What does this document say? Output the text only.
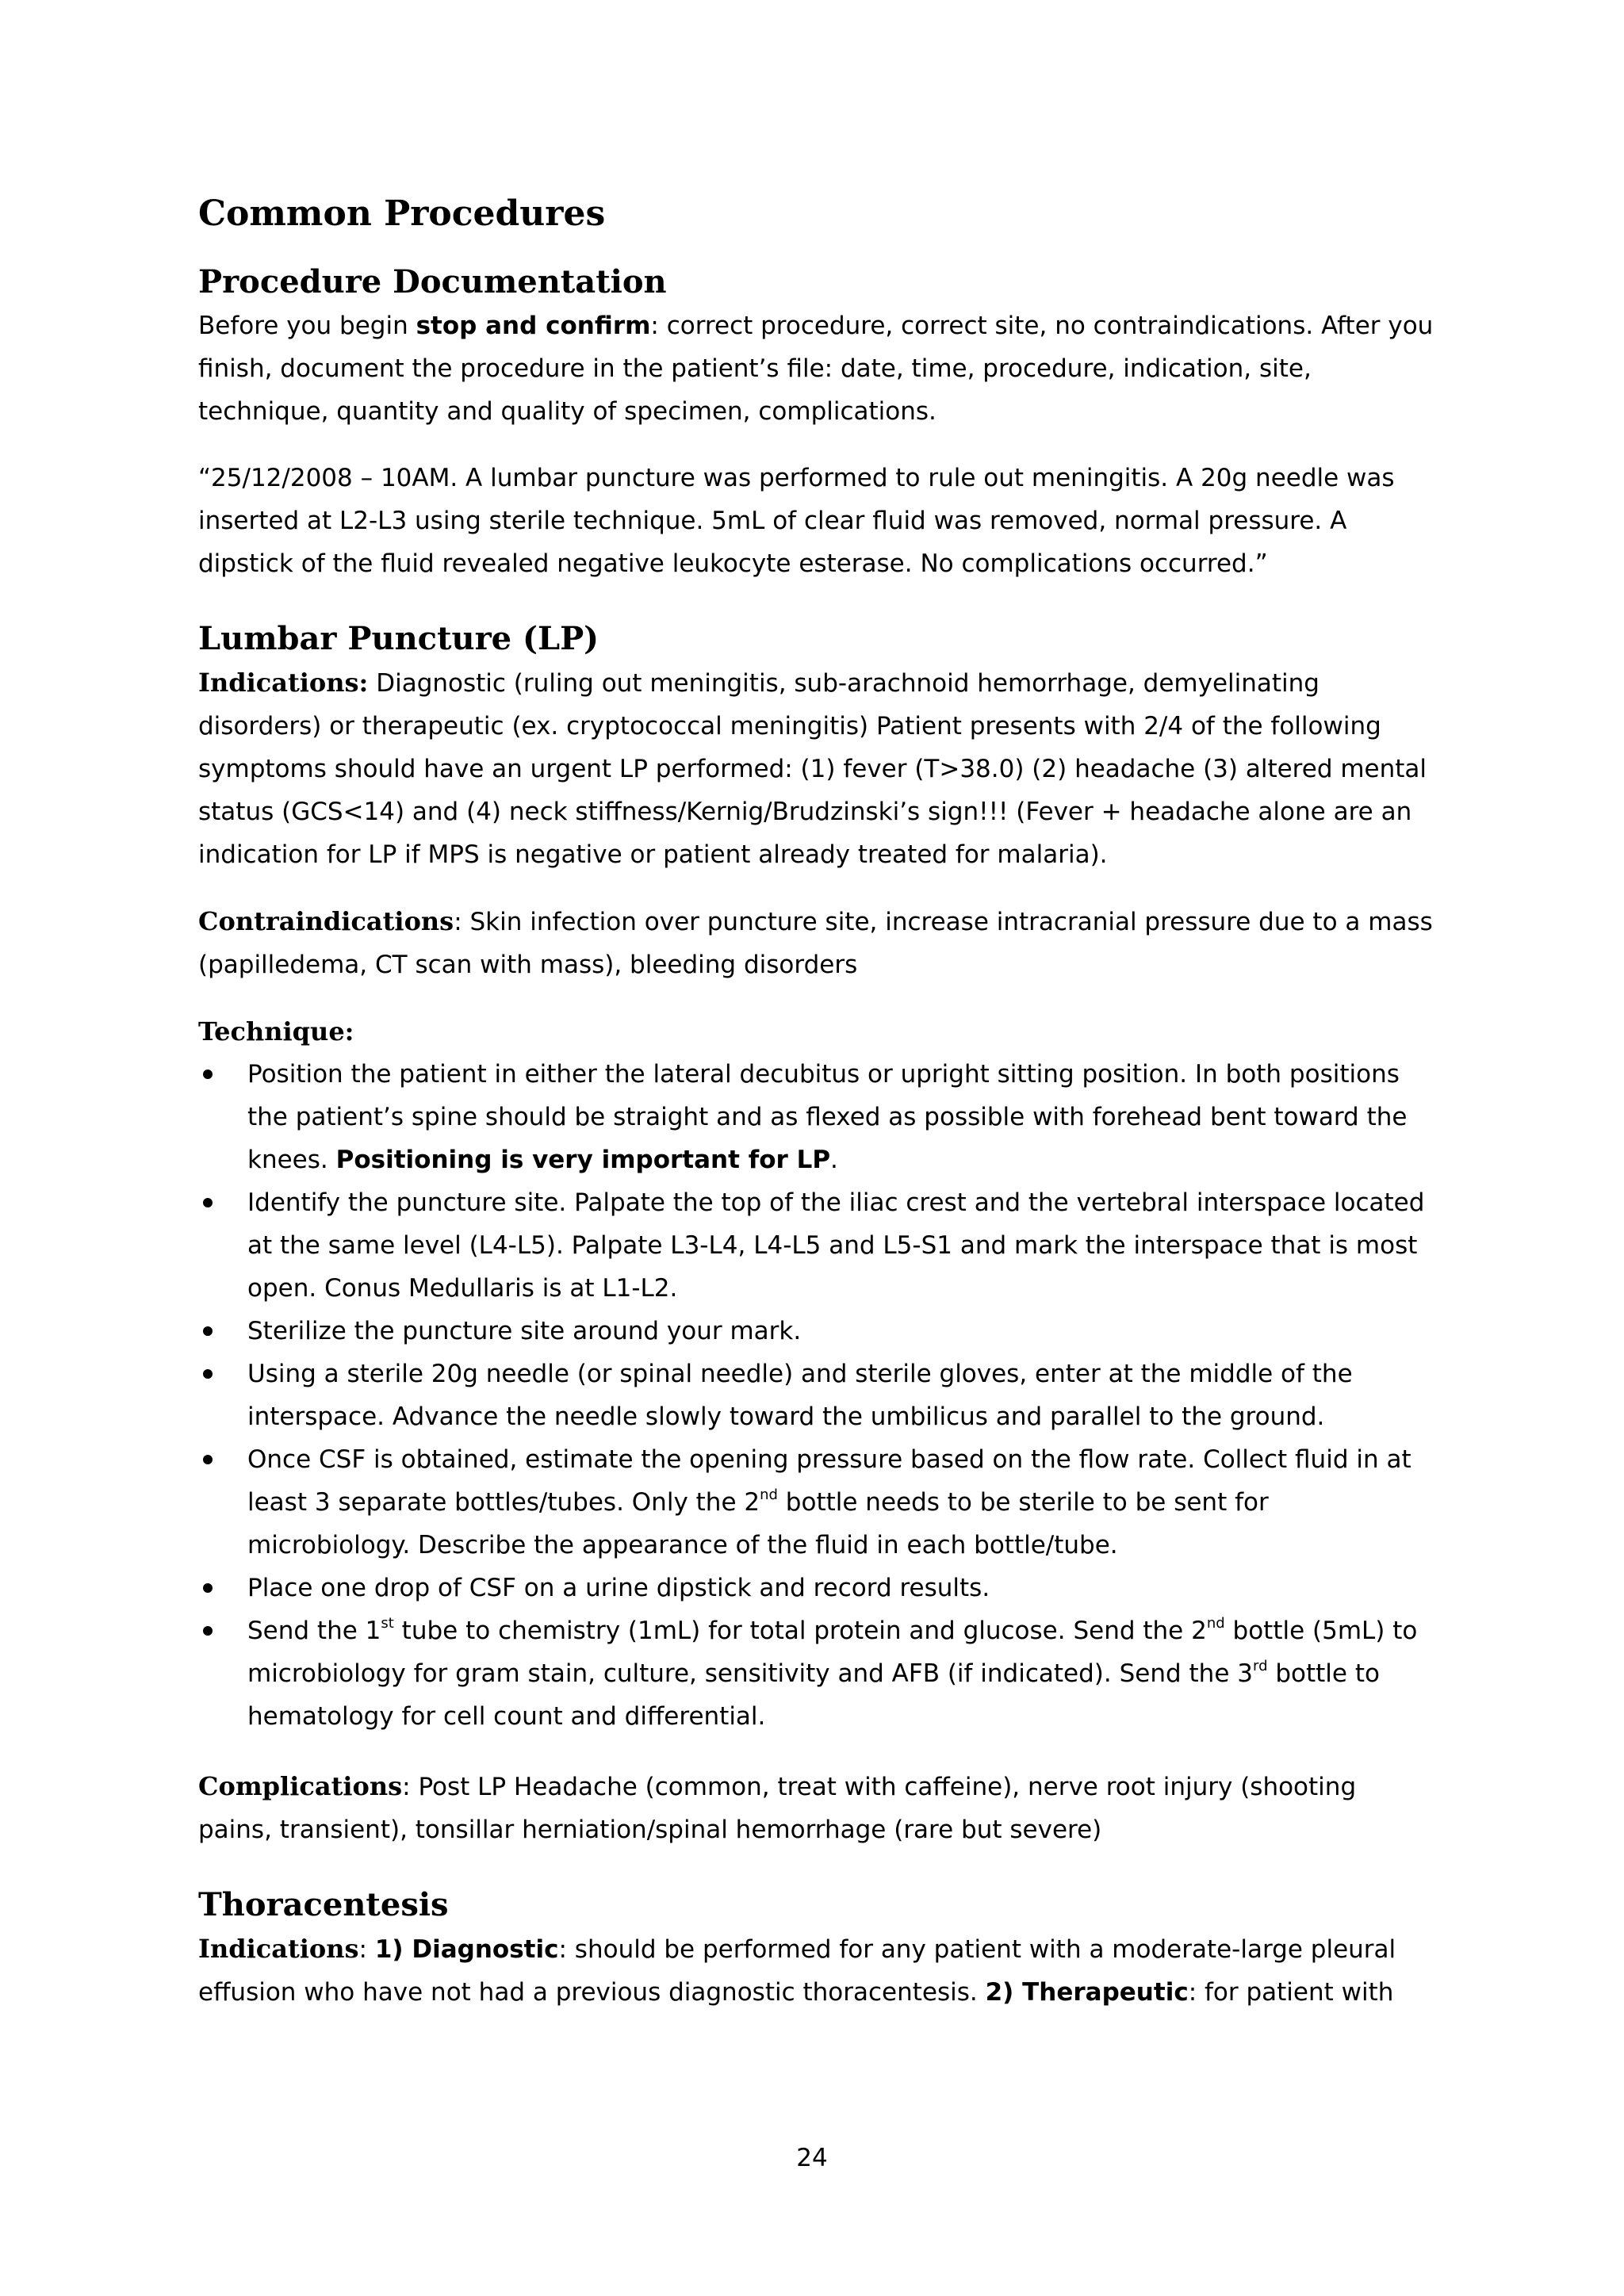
Common Procedures
Procedure Documentation

Before you begin stop and confirm: correct procedure, correct site, no contraindications. After you finish, document the procedure in the patient’s file: date, time, procedure, indication, site, technique, quantity and quality of specimen, complications.

“25/12/2008 – 10AM. A lumbar puncture was performed to rule out meningitis. A 20g needle was inserted at L2-L3 using sterile technique. 5mL of clear fluid was removed, normal pressure. A dipstick of the fluid revealed negative leukocyte esterase. No complications occurred.”

Lumbar Puncture (LP)

Indications: Diagnostic (ruling out meningitis, sub-arachnoid hemorrhage, demyelinating disorders) or therapeutic (ex. cryptococcal meningitis) Patient presents with 2/4 of the following symptoms should have an urgent LP performed: (1) fever (T>38.0) (2) headache (3) altered mental status (GCS<14) and (4) neck stiffness/Kernig/Brudzinski’s sign!!! (Fever + headache alone are an indication for LP if MPS is negative or patient already treated for malaria).

Contraindications: Skin infection over puncture site, increase intracranial pressure due to a mass (papilledema, CT scan with mass), bleeding disorders

Technique:
Position the patient in either the lateral decubitus or upright sitting position. In both positions the patient’s spine should be straight and as flexed as possible with forehead bent toward the knees. Positioning is very important for LP.
Identify the puncture site. Palpate the top of the iliac crest and the vertebral interspace located at the same level (L4-L5). Palpate L3-L4, L4-L5 and L5-S1 and mark the interspace that is most open. Conus Medullaris is at L1-L2.
Sterilize the puncture site around your mark.
Using a sterile 20g needle (or spinal needle) and sterile gloves, enter at the middle of the interspace. Advance the needle slowly toward the umbilicus and parallel to the ground.
Once CSF is obtained, estimate the opening pressure based on the flow rate. Collect fluid in at least 3 separate bottles/tubes. Only the 2nd bottle needs to be sterile to be sent for microbiology. Describe the appearance of the fluid in each bottle/tube.
Place one drop of CSF on a urine dipstick and record results.
Send the 1st tube to chemistry (1mL) for total protein and glucose. Send the 2nd bottle (5mL) to microbiology for gram stain, culture, sensitivity and AFB (if indicated). Send the 3rd bottle to hematology for cell count and differential.

Complications: Post LP Headache (common, treat with caffeine), nerve root injury (shooting pains, transient), tonsillar herniation/spinal hemorrhage (rare but severe)

Thoracentesis

Indications: 1) Diagnostic: should be performed for any patient with a moderate-large pleural effusion who have not had a previous diagnostic thoracentesis. 2) Therapeutic: for patient with

24
